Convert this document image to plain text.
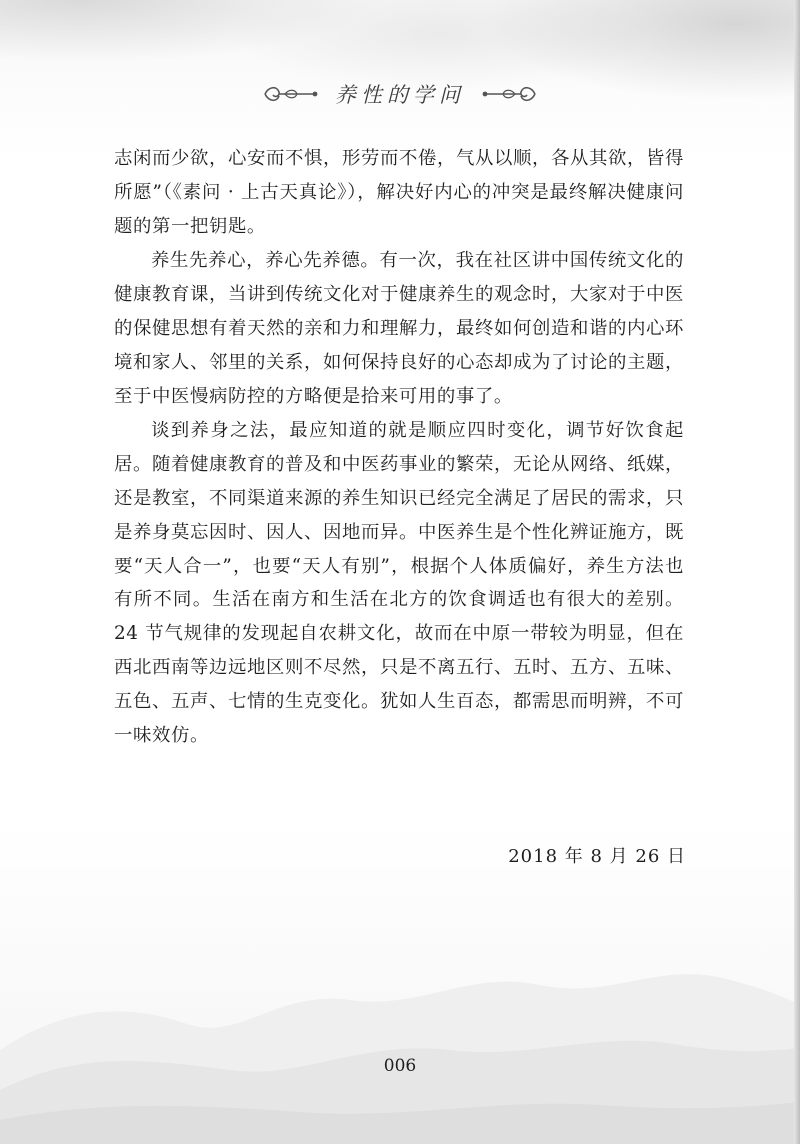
养性的学问

志闲而少欲，心安而不惧，形劳而不倦，气从以顺，各从其欲，皆得所愿”（《素问 · 上古天真论》），解决好内心的冲突是最终解决健康问题的第一把钥匙。

养生先养心，养心先养德。有一次，我在社区讲中国传统文化的健康教育课，当讲到传统文化对于健康养生的观念时，大家对于中医的保健思想有着天然的亲和力和理解力，最终如何创造和谐的内心环境和家人、邻里的关系，如何保持良好的心态却成为了讨论的主题，至于中医慢病防控的方略便是拾来可用的事了。

谈到养身之法，最应知道的就是顺应四时变化，调节好饮食起居。随着健康教育的普及和中医药事业的繁荣，无论从网络、纸媒，还是教室，不同渠道来源的养生知识已经完全满足了居民的需求，只是养身莫忘因时、因人、因地而异。中医养生是个性化辨证施方，既要“天人合一”，也要“天人有别”，根据个人体质偏好，养生方法也有所不同。生活在南方和生活在北方的饮食调适也有很大的差别。24 节气规律的发现起自农耕文化，故而在中原一带较为明显，但在西北西南等边远地区则不尽然，只是不离五行、五时、五方、五味、五色、五声、七情的生克变化。犹如人生百态，都需思而明辨，不可一味效仿。

2018 年 8 月 26 日
006
